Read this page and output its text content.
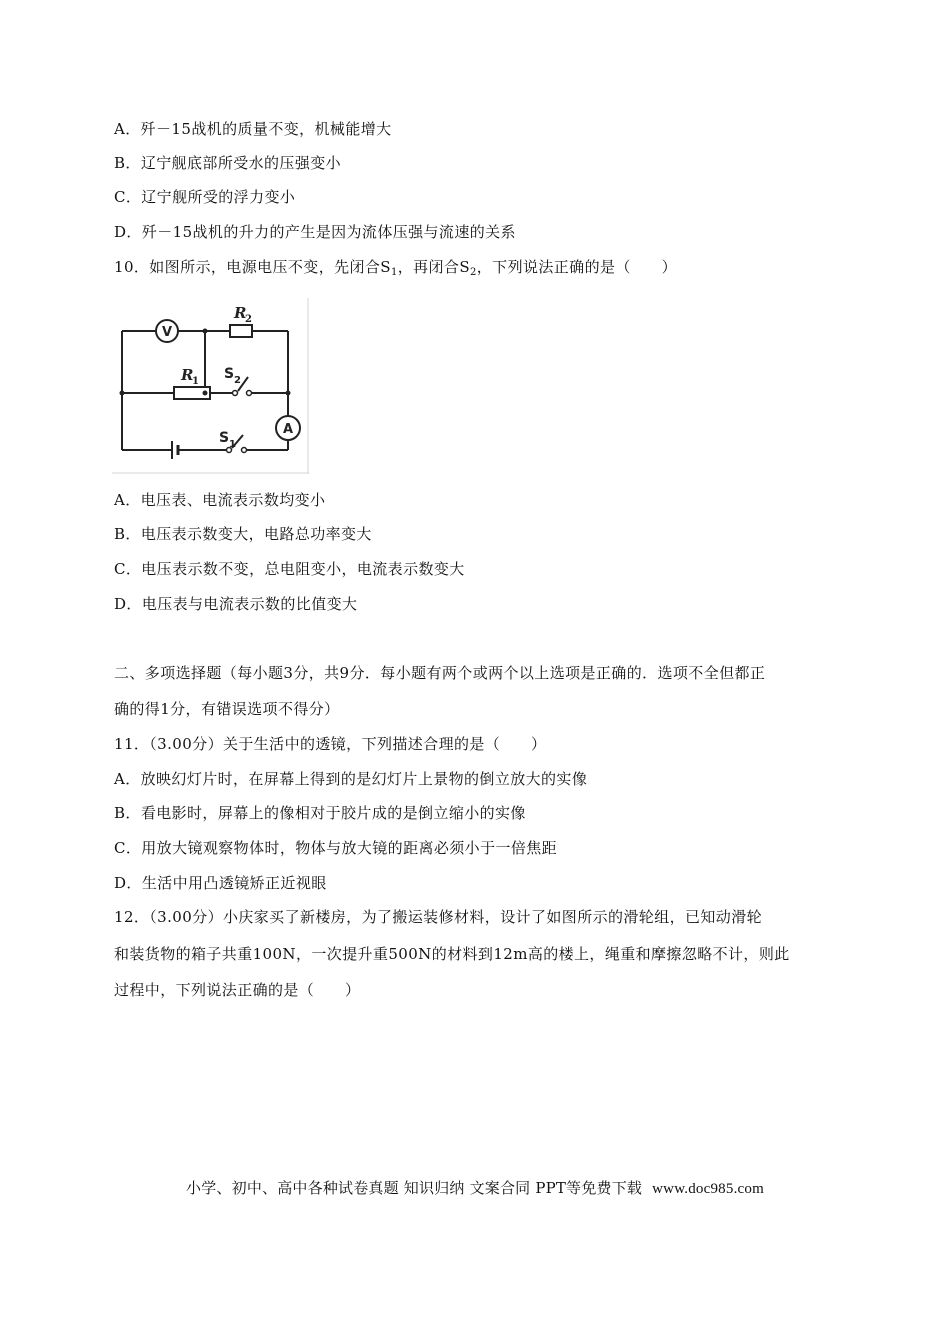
A．歼－15战机的质量不变，机械能增大
B．辽宁舰底部所受水的压强变小
C．辽宁舰所受的浮力变小
D．歼－15战机的升力的产生是因为流体压强与流速的关系
10．如图所示，电源电压不变，先闭合$S_1$，再闭合$S_2$，下列说法正确的是（　　）
V
A
R
2
R
1 S 2
S 1
A．电压表、电流表示数均变小
B．电压表示数变大，电路总功率变大
C．电压表示数不变，总电阻变小，电流表示数变大
D．电压表与电流表示数的比值变大
二、多项选择题（每小题3分，共9分．每小题有两个或两个以上选项是正确的．选项不全但都正
确的得1分，有错误选项不得分）
11．（3.00分）关于生活中的透镜，下列描述合理的是（　　）
A．放映幻灯片时，在屏幕上得到的是幻灯片上景物的倒立放大的实像
B．看电影时，屏幕上的像相对于胶片成的是倒立缩小的实像
C．用放大镜观察物体时，物体与放大镜的距离必须小于一倍焦距
D．生活中用凸透镜矫正近视眼
12．（3.00分）小庆家买了新楼房，为了搬运装修材料，设计了如图所示的滑轮组，已知动滑轮
和装货物的箱子共重100N，一次提升重500N的材料到12m高的楼上，绳重和摩擦忽略不计，则此
过程中，下列说法正确的是（　　）
小学、初中、高中各种试卷真题 知识归纳 文案合同 PPT等免费下载 www.doc985.com
